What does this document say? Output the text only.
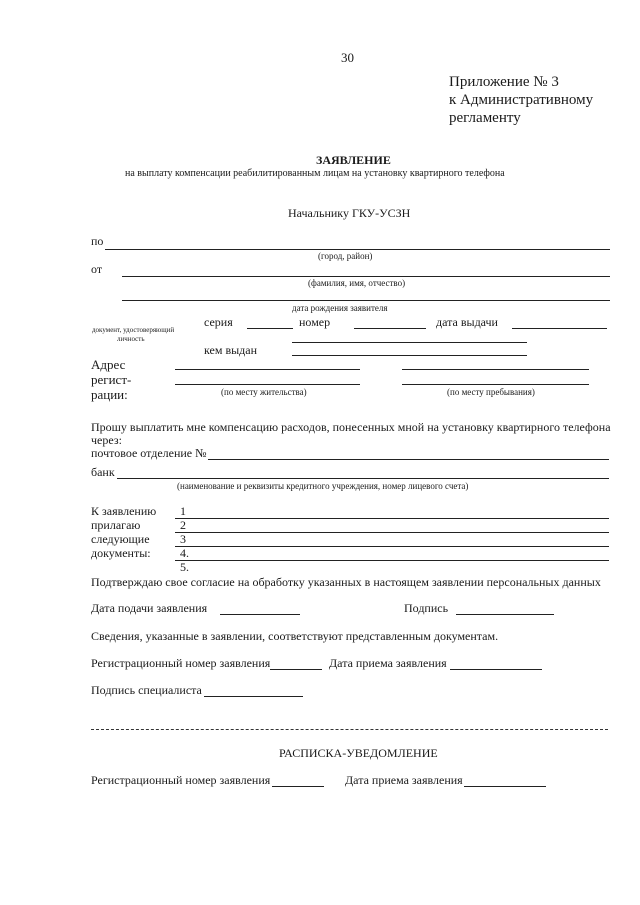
30
Приложение № 3
к Административному
регламенту
ЗАЯВЛЕНИЕ
на выплату компенсации реабилитированным лицам на установку квартирного телефона
Начальнику ГКУ-УСЗН
по
(город, район)
от
(фамилия, имя, отчество)
дата рождения заявителя
документ, удостоверяющий
личность
серия	номер	дата выдачи
кем выдан
Адрес
регист-
рации:	(по месту жительства)	(по месту пребывания)
Прошу выплатить мне компенсацию расходов, понесенных мной на установку квартирного телефона
через:
почтовое отделение №
банк
(наименование и реквизиты кредитного учреждения, номер лицевого счета)
К заявлению
прилагаю
следующие
документы:
1
2
3
4.
5.
Подтверждаю свое согласие на обработку указанных в настоящем заявлении персональных данных
Дата подачи заявления	Подпись
Сведения, указанные в заявлении, соответствуют представленным документам.
Регистрационный номер заявления	Дата приема заявления
Подпись специалиста
РАСПИСКА-УВЕДОМЛЕНИЕ
Регистрационный номер заявления	Дата приема заявления
